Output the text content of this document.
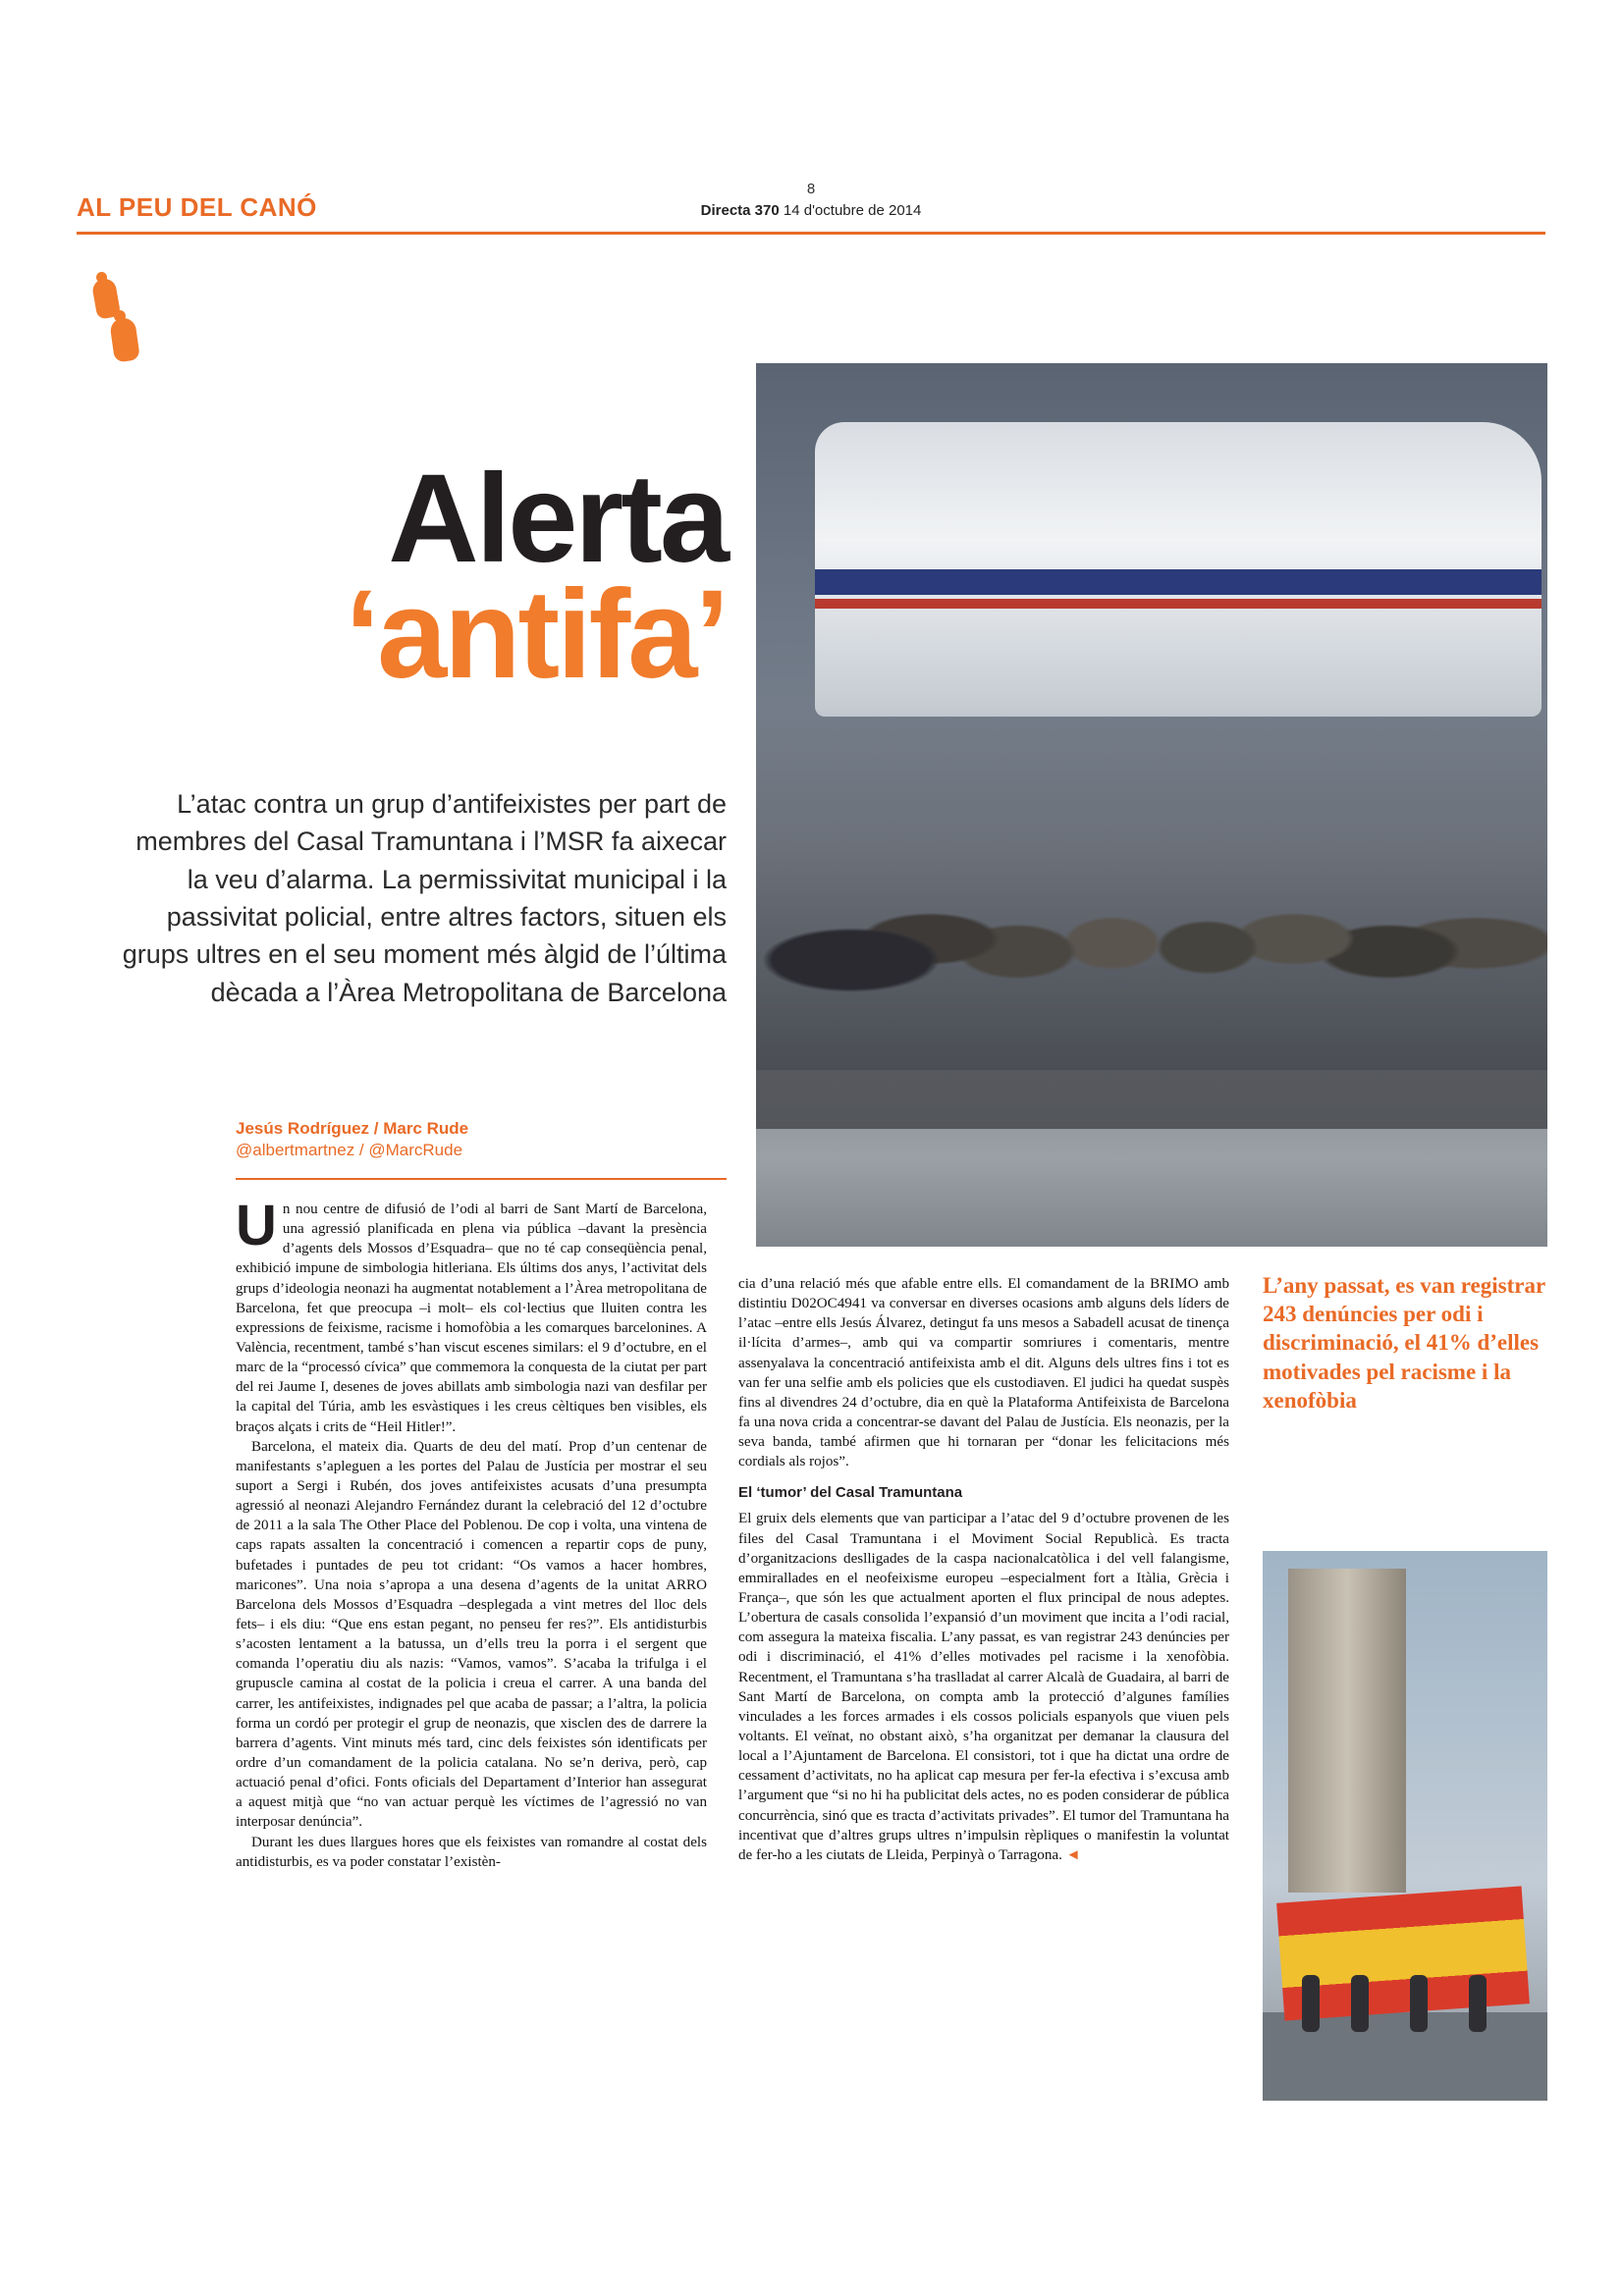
AL PEU DEL CANÓ
8
Directa 370 14 d'octubre de 2014
Alerta
‘antifa’
L’atac contra un grup d’antifeixistes per part de membres del Casal Tramuntana i l’MSR fa aixecar la veu d’alarma. La permissivitat municipal i la passivitat policial, entre altres factors, situen els grups ultres en el seu moment més àlgid de l’última dècada a l’Àrea Metropolitana de Barcelona
Jesús Rodríguez / Marc Rude
@albertmartnez / @MarcRude

Un nou centre de difusió de l’odi al barri de Sant Martí de Barcelona, una agressió planificada en plena via pública –davant la presència d’agents dels Mossos d’Esquadra– que no té cap conseqüència penal, exhibició impune de simbologia hitleriana. Els últims dos anys, l’activitat dels grups d’ideologia neonazi ha augmentat notablement a l’Àrea metropolitana de Barcelona, fet que preocupa –i molt– els col·lectius que lluiten contra les expressions de feixisme, racisme i homofòbia a les comarques barcelonines. A València, recentment, també s’han viscut escenes similars: el 9 d’octubre, en el marc de la “processó cívica” que commemora la conquesta de la ciutat per part del rei Jaume I, desenes de joves abillats amb simbologia nazi van desfilar per la capital del Túria, amb les esvàstiques i les creus cèltiques ben visibles, els braços alçats i crits de “Heil Hitler!”.

Barcelona, el mateix dia. Quarts de deu del matí. Prop d’un centenar de manifestants s’apleguen a les portes del Palau de Justícia per mostrar el seu suport a Sergi i Rubén, dos joves antifeixistes acusats d’una presumpta agressió al neonazi Alejandro Fernández durant la celebració del 12 d’octubre de 2011 a la sala The Other Place del Poblenou. De cop i volta, una vintena de caps rapats assalten la concentració i comencen a repartir cops de puny, bufetades i puntades de peu tot cridant: “Os vamos a hacer hombres, maricones”. Una noia s’apropa a una desena d’agents de la unitat ARRO Barcelona dels Mossos d’Esquadra –desplegada a vint metres del lloc dels fets– i els diu: “Que ens estan pegant, no penseu fer res?”. Els antidisturbis s’acosten lentament a la batussa, un d’ells treu la porra i el sergent que comanda l’operatiu diu als nazis: “Vamos, vamos”. S’acaba la trifulga i el grupuscle camina al costat de la policia i creua el carrer. A una banda del carrer, les antifeixistes, indignades pel que acaba de passar; a l’altra, la policia forma un cordó per protegir el grup de neonazis, que xisclen des de darrere la barrera d’agents. Vint minuts més tard, cinc dels feixistes són identificats per ordre d’un comandament de la policia catalana. No se’n deriva, però, cap actuació penal d’ofici. Fonts oficials del Departament d’Interior han assegurat a aquest mitjà que “no van actuar perquè les víctimes de l’agressió no van interposar denúncia”.

Durant les dues llargues hores que els feixistes van romandre al costat dels antidisturbis, es va poder constatar l’existèn-

cia d’una relació més que afable entre ells. El comandament de la BRIMO amb distintiu D02OC4941 va conversar en diverses ocasions amb alguns dels líders de l’atac –entre ells Jesús Álvarez, detingut fa uns mesos a Sabadell acusat de tinença il·lícita d’armes–, amb qui va compartir somriures i comentaris, mentre assenyalava la concentració antifeixista amb el dit. Alguns dels ultres fins i tot es van fer una selfie amb els policies que els custodiaven. El judici ha quedat suspès fins al divendres 24 d’octubre, dia en què la Plataforma Antifeixista de Barcelona fa una nova crida a concentrar-se davant del Palau de Justícia. Els neonazis, per la seva banda, també afirmen que hi tornaran per “donar les felicitacions més cordials als rojos”.

El ‘tumor’ del Casal Tramuntana

El gruix dels elements que van participar a l’atac del 9 d’octubre provenen de les files del Casal Tramuntana i el Moviment Social Republicà. Es tracta d’organitzacions deslligades de la caspa nacionalcatòlica i del vell falangisme, emmirallades en el neofeixisme europeu –especialment fort a Itàlia, Grècia i França–, que són les que actualment aporten el flux principal de nous adeptes. L’obertura de casals consolida l’expansió d’un moviment que incita a l’odi racial, com assegura la mateixa fiscalia. L’any passat, es van registrar 243 denúncies per odi i discriminació, el 41% d’elles motivades pel racisme i la xenofòbia. Recentment, el Tramuntana s’ha traslladat al carrer Alcalà de Guadaira, al barri de Sant Martí de Barcelona, on compta amb la protecció d’algunes famílies vinculades a les forces armades i els cossos policials espanyols que viuen pels voltants. El veïnat, no obstant això, s’ha organitzat per demanar la clausura del local a l’Ajuntament de Barcelona. El consistori, tot i que ha dictat una ordre de cessament d’activitats, no ha aplicat cap mesura per fer-la efectiva i s’excusa amb l’argument que “si no hi ha publicitat dels actes, no es poden considerar de pública concurrència, sinó que es tracta d’activitats privades”. El tumor del Tramuntana ha incentivat que d’altres grups ultres n’impulsin rèpliques o manifestin la voluntat de fer-ho a les ciutats de Lleida, Perpinyà o Tarragona. ◄

L’any passat, es van registrar 243 denúncies per odi i discriminació, el 41% d’elles motivades pel racisme i la xenofòbia
